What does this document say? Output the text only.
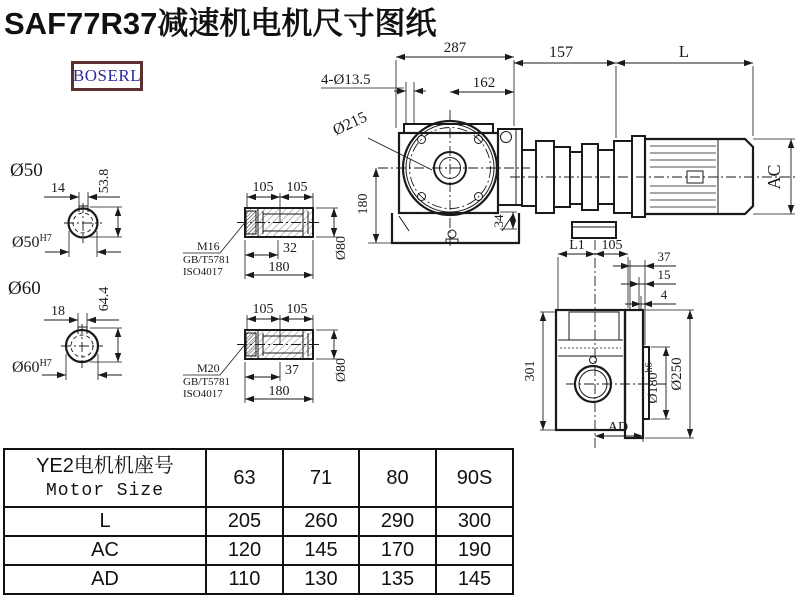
SAF77R37减速机电机尺寸图纸
BOSERL
Ø50
14 53.8
$Ø50^{H7}$
Ø60
18
64.4
$Ø60^{H7}$
105 105
M16
GB/T5781
ISO4017
32
180
Ø80
105 105
M20
GB/T5781
ISO4017
37
180
Ø80
287
162
4-Ø13.5
Ø215
180
34
157	L
AC
L1 105
37
15
4
$Ø180^{h6}$ Ø250
301
AD
YE2电机机座号
Motor Size	63	71	80	90S
L	205	260	290	300
AC	120	145	170	190
AD	110	130	135	145
